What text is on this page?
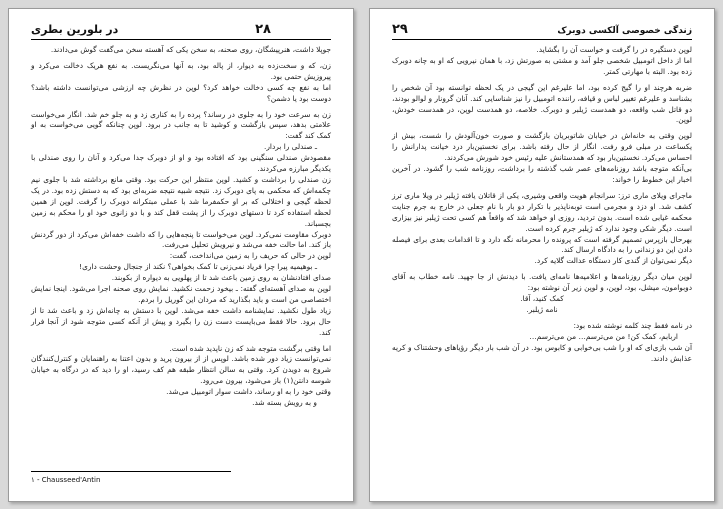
۲۸
در بلورین بطری

جوپلا داشت، هنرپیشگان، روی صحنه، به سخن یکی که آهسته سخن می‌گفت گوش می‌دادند.

زن، که و سخت‌زده به دیوار، از پاله بود، به آنها می‌نگریست. به نفع هریک دخالت می‌کرد و پیروزیش حتمی بود.

اما به نفع چه کسی دخالت خواهد کرد؟ لوپن در نظرش چه ارزشی می‌توانست داشته باشد؟ دوست بود یا دشمن؟

زن به سرعت خود را به جلوی در رساند؟ پرده را به کناری زد و به جلو خم شد. انگار می‌خواست علامتی بدهد، سپس بازگشت و کوشید تا به جانب در برود. لوپن چنانکه گویی می‌خواست به او کمک کند گفت:

ـ صندلی را بردار.

مقصودش صندلی سنگینی بود که افتاده بود و او از دوبرک جدا می‌کرد و آنان را روی صندلی با یکدیگر مبارزه می‌کردند.

زن صندلی را برداشت و کشید. لوپن منتظر این حرکت بود. وقتی مانع برداشته شد با جلوی نیم چکمه‌اش که محکمی به پای دوبرک زد. نتیجه شبیه نتیجه ضربه‌ای بود که به دستش زده بود. در یک لحظه گیجی و اختلالی که بر او حکمفرما شد با عملی مبتکرانه دوبرک را گرفت. لوپن از همین لحظه استفاده کرد تا دستهای دوبرک را از پشت قفل کند و با دو زانوی خود او را محکم به زمین بچسباند.

دوبرک مقاومت نمی‌کرد. لوپن می‌خواست تا پنجه‌هایی را که داشت خفه‌اش می‌کرد از دور گردنش باز کند. اما حالت خفه می‌شد و نیرویش تحلیل می‌رفت.

لوپن در حالی که حریف را به زمین می‌انداخت، گفت:

ـ بوهیمیه پیرا چرا فریاد نمی‌زنی تا کمک بخواهی؟ نکند از جنجال وحشت داری!

صدای افتادنشان به روی زمین باعث شد تا از پهلویی به دیواره از بکوبند.

لوپن به صدای آهسته‌ای گفته: ـ بیخود زحمت نکشید. نمایش روی صحنه اجرا می‌شود. اینجا نمایش اختصاصی من است و باید بگذارید که مردان این گوریل را بردم.

زیاد طول نکشید. نمایشنامه داشت خفه می‌شد. لوپن با دستش به چانه‌اش زد و باعث شد تا از حال برود. حالا فقط می‌بایست دست زن را بگیرد و پیش از آنکه کسی متوجه شود از آنجا فرار کند.

اما وقتی برگشت متوجه شد که زن ناپدید شده است.

نمی‌توانست زیاد دور شده باشد. لوپس از از بیرون پرید و بدون اعتنا به راهنمایان و کنترل‌کنندگان شروع به دویدن کرد. وقتی به سالن انتظار طبقه هم کف رسید، او را دید که در درگاه به خیابان شوسه دانتن(۱) باز می‌شود، بیرون می‌رود.

وقتی خود را به او رساند، داشت سوار اتومبیل می‌شد.

و به رویش بسته شد.

۱ - Chausseed'Antin
۲۹	زندگی خصوصی آلکسی دوبرک

لوپن دستگیره در را گرفت و خواست آن را بگشاید.

اما از داخل اتومبیل شخصی جلو آمد و مشتی به صورتش زد، با همان نیرویی که او به چانه دوبرک زده بود. البته با مهارتی کمتر.

ضربه هرچند او را گیج کرده بود، اما علیرغم این گیجی در یک لحظه توانسته بود آن شخص را بشناسد و علیرغم تغییر لباس و قیافه، راننده اتومبیل را نیز شناسایی کند. آنان گرونار و لوالو بودند، دو قاتل شب واقعه، دو همدست ژیلبر و دوبرک. خلاصه، دو همدست لوپن، در همدست خودش، لوپن.

لوپن وقتی به خانه‌اش در خیابان شاتوبریان بازگشت و صورت خون‌آلودش را شست، بیش از یکساعت در مبلی فرو رفت. انگار از حال رفته باشد. برای نخستین‌بار درد خیانت پدارانش را احساس می‌کرد. نخستین‌بار بود که همدستانش علیه رئیس خود شورش می‌کردند.

بی‌آنکه متوجه باشد روزنامه‌های عصر شب گذشته را برداشت، روزنامه شب را گشود. در آخرین اخبار این خطوط را خواند:

ماجرای ویلای ماری ترز: سرانجام هویت واقعی وشیری، یکی از قاتلان یافته ژیلبر در ویلا ماری ترز کشف شد. او دزد و مجرمی است توبه‌ناپذیر با تکرار دو بار با نام جعلی در خارج به جرم جنایت محکمه غیابی شده است. بدون تردید، روزی او خواهد شد که واقعاً هم کسی تحت ژیلبر نیز بیزاری است. دیگر شکی وجود ندارد که ژیلبر جرم کرده است.

بهرحال بازپرس تصمیم گرفته است که پرونده را محرمانه نگه دارد و تا اقدامات بعدی برای فیصله دادن این دو زندانی را به دادگاه ارسال کند.

دیگر نمی‌توان از گندی کار دستگاه عدالت گلایه کرد.

لوپن میان دیگر روزنامه‌ها و اعلامیه‌ها نامه‌ای یافت. با دیدنش از جا جهید. نامه خطاب به آقای دوبوامون، میشل، بود، لوپن، و لوپن زیر آن نوشته بود:

کمک کنید، آقا.

نامه ژیلبر.

در نامه فقط چند کلمه نوشته شده بود:

اربابم، کمک کن! من می‌ترسم… من می‌ترسم…

آن شب بازی‌ای که او را شب بی‌خوابی و کابوس بود. در آن شب بار دیگر رؤیاهای وحشتناک و کریه عذابش دادند.
